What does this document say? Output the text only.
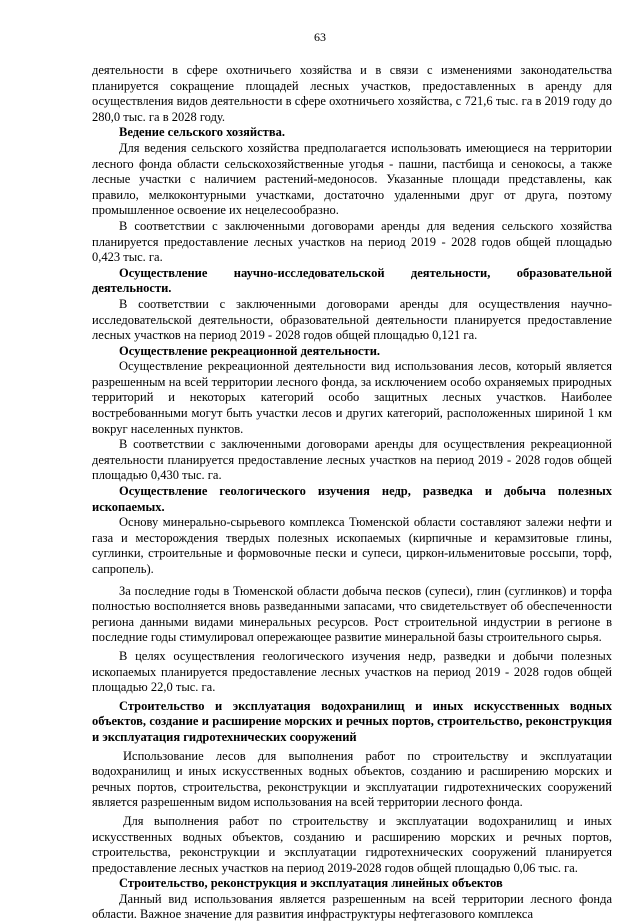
63

деятельности в сфере охотничьего хозяйства и в связи с изменениями законодательства планируется сокращение площадей лесных участков, предоставленных в аренду для осуществления видов деятельности в сфере охотничьего хозяйства, с 721,6 тыс. га в 2019 году до 280,0 тыс. га в 2028 году.

Ведение сельского хозяйства.

Для ведения сельского хозяйства предполагается использовать имеющиеся на территории лесного фонда области сельскохозяйственные угодья - пашни, пастбища и сенокосы, а также лесные участки с наличием растений-медоносов. Указанные площади представлены, как правило, мелкоконтурными участками, достаточно удаленными друг от друга, поэтому промышленное освоение их нецелесообразно.

В соответствии с заключенными договорами аренды для ведения сельского хозяйства планируется предоставление лесных участков на период 2019 - 2028 годов общей площадью 0,423 тыс. га.

Осуществление научно-исследовательской деятельности, образовательной деятельности.

В соответствии с заключенными договорами аренды для осуществления научно-исследовательской деятельности, образовательной деятельности планируется предоставление лесных участков на период 2019 - 2028 годов общей площадью 0,121 га.

Осуществление рекреационной деятельности.

Осуществление рекреационной деятельности вид использования лесов, который является разрешенным на всей территории лесного фонда, за исключением особо охраняемых природных территорий и некоторых категорий особо защитных лесных участков. Наиболее востребованными могут быть участки лесов и других категорий, расположенных шириной 1 км вокруг населенных пунктов.

В соответствии с заключенными договорами аренды для осуществления рекреационной деятельности планируется предоставление лесных участков на период 2019 - 2028 годов общей площадью 0,430 тыс. га.

Осуществление геологического изучения недр, разведка и добыча полезных ископаемых.

Основу минерально-сырьевого комплекса Тюменской области составляют залежи нефти и газа и месторождения твердых полезных ископаемых (кирпичные и керамзитовые глины, суглинки, строительные и формовочные пески и супеси, циркон-ильменитовые россыпи, торф, сапропель).

За последние годы в Тюменской области добыча песков (супеси), глин (суглинков) и торфа полностью восполняется вновь разведанными запасами, что свидетельствует об обеспеченности региона данными видами минеральных ресурсов. Рост строительной индустрии в регионе в последние годы стимулировал опережающее развитие минеральной базы строительного сырья.

В целях осуществления геологического изучения недр, разведки и добычи полезных ископаемых планируется предоставление лесных участков на период 2019 - 2028 годов общей площадью 22,0 тыс. га.

Строительство и эксплуатация водохранилищ и иных искусственных водных объектов, создание и расширение морских и речных портов, строительство, реконструкция и эксплуатация гидротехнических сооружений

Использование лесов для выполнения работ по строительству и эксплуатации водохранилищ и иных искусственных водных объектов, созданию и расширению морских и речных портов, строительства, реконструкции и эксплуатации гидротехнических сооружений является разрешенным видом использования на всей территории лесного фонда.

Для выполнения работ по строительству и эксплуатации водохранилищ и иных искусственных водных объектов, созданию и расширению морских и речных портов, строительства, реконструкции и эксплуатации гидротехнических сооружений планируется предоставление лесных участков на период 2019-2028 годов общей площадью 0,06 тыс. га.

Строительство, реконструкция и эксплуатация линейных объектов

Данный вид использования является разрешенным на всей территории лесного фонда области. Важное значение для развития инфраструктуры нефтегазового комплекса
